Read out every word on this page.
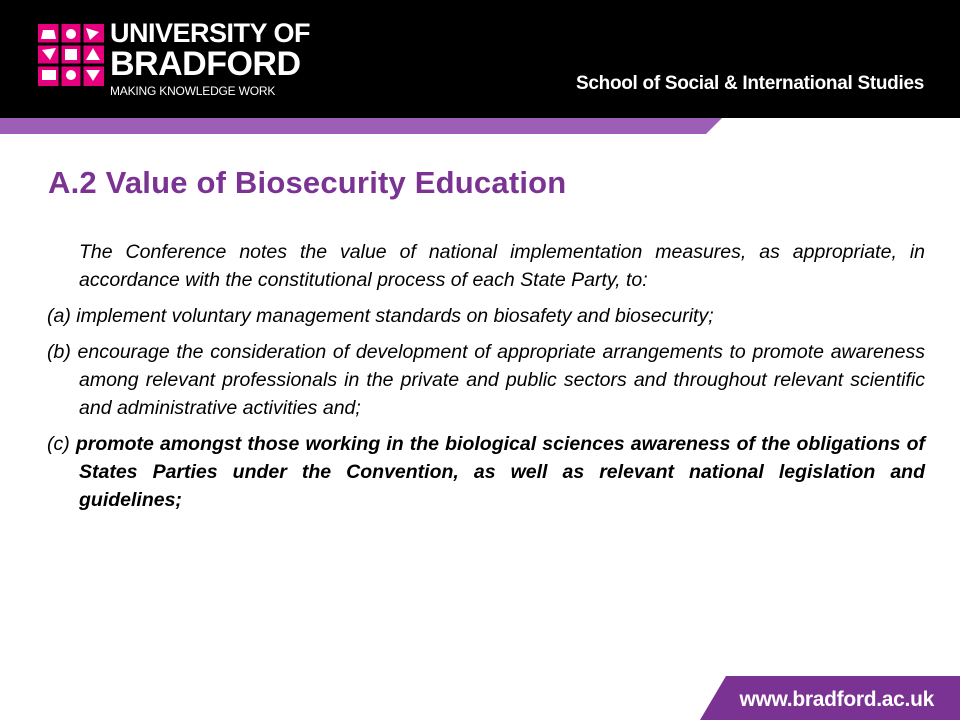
UNIVERSITY OF
BRADFORD
MAKING KNOWLEDGE WORK	School of Social & International Studies
A.2 Value of Biosecurity Education

The Conference notes the value of national implementation measures, as appropriate, in accordance with the constitutional process of each State Party, to:

(a) implement voluntary management standards on biosafety and biosecurity;

(b) encourage the consideration of development of appropriate arrangements to promote awareness among relevant professionals in the private and public sectors and throughout relevant scientific and administrative activities and;

(c) promote amongst those working in the biological sciences awareness of the obligations of States Parties under the Convention, as well as relevant national legislation and guidelines;

www.bradford.ac.uk
